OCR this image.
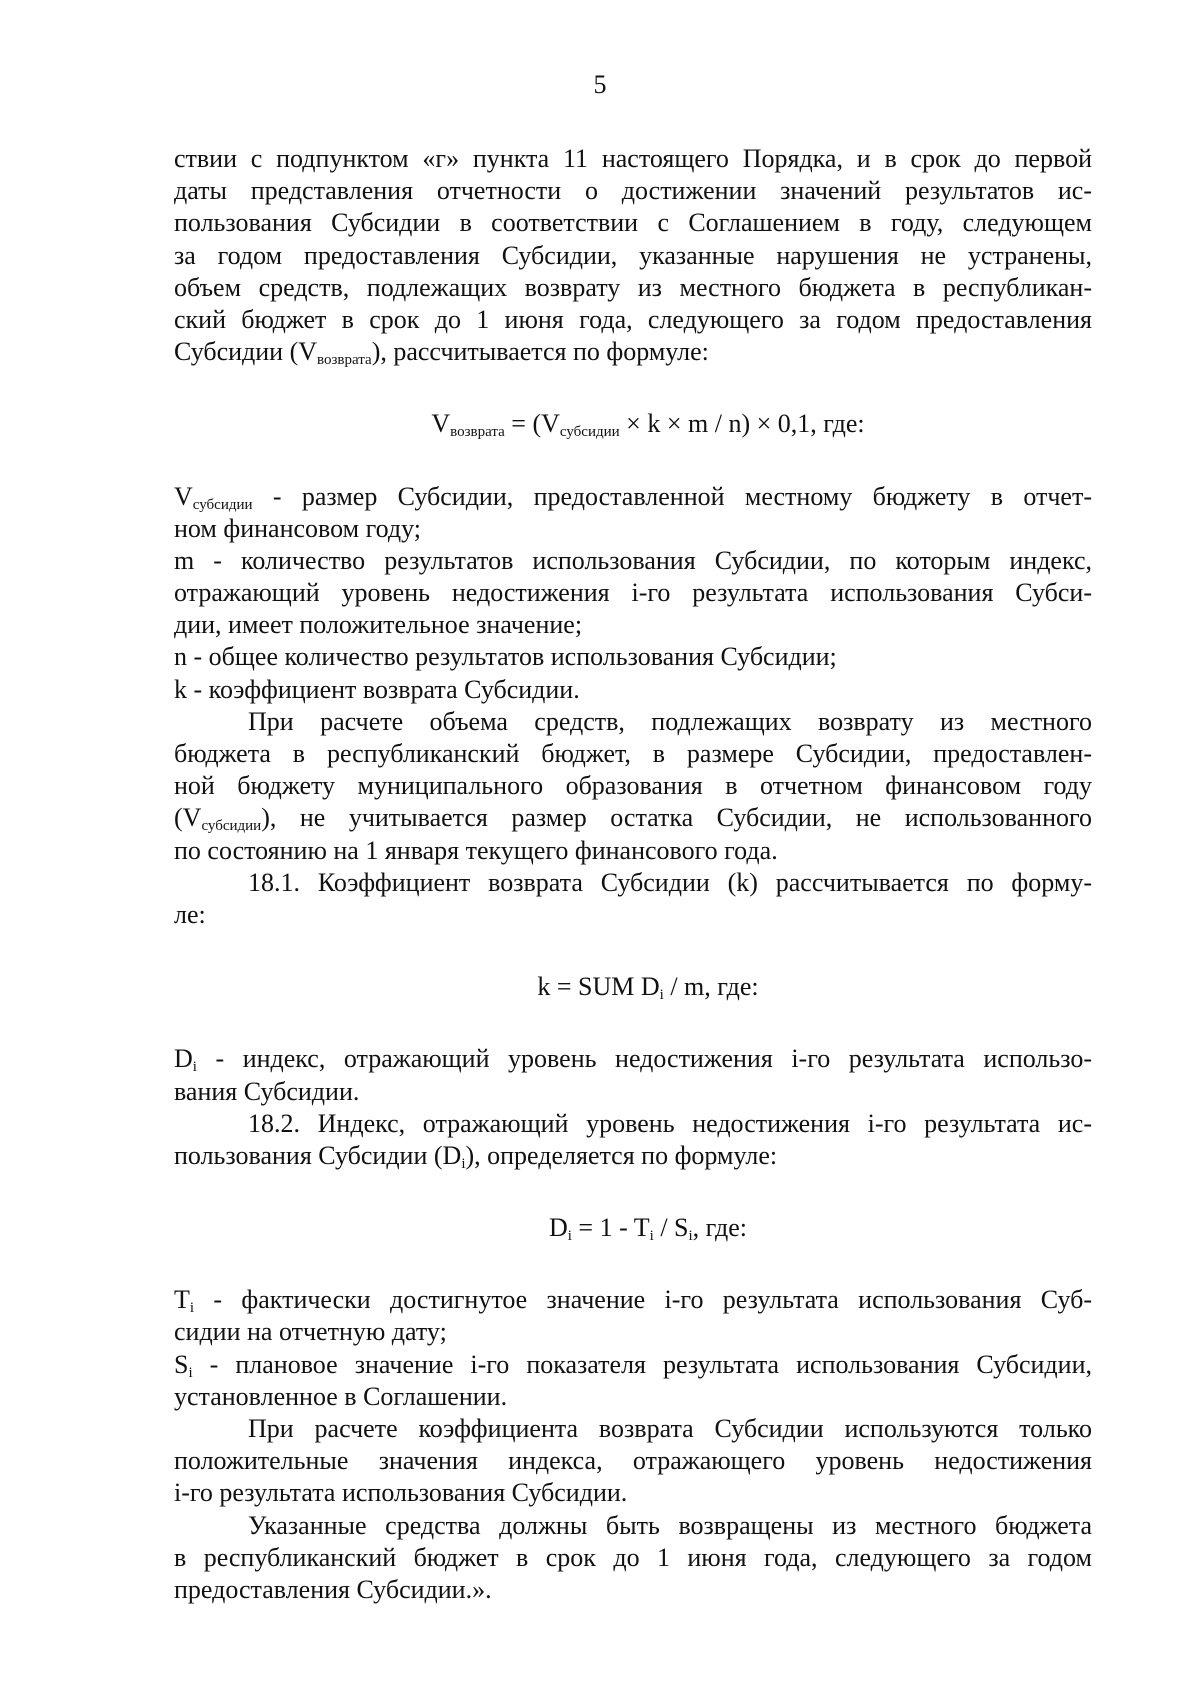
5
ствии с подпунктом «г» пункта 11 настоящего Порядка, и в срок до первой
даты представления отчетности о достижении значений результатов ис-
пользования Субсидии в соответствии с Соглашением в году, следующем
за годом предоставления Субсидии, указанные нарушения не устранены,
объем средств, подлежащих возврату из местного бюджета в республикан-
ский бюджет в срок до 1 июня года, следующего за годом предоставления
Субсидии $(V_{возврата})$, рассчитывается по формуле:
$V_{возврата} = (V_{субсидии} \times k \times m / n) \times 0,1$, где:
$V_{субсидии}$ - размер Субсидии, предоставленной местному бюджету в отчет-
ном финансовом году;
m - количество результатов использования Субсидии, по которым индекс,
отражающий уровень недостижения i-го результата использования Субси-
дии, имеет положительное значение;
n - общее количество результатов использования Субсидии;
k - коэффициент возврата Субсидии.
При расчете объема средств, подлежащих возврату из местного
бюджета в республиканский бюджет, в размере Субсидии, предоставлен-
ной бюджету муниципального образования в отчетном финансовом году
$(V_{субсидии})$, не учитывается размер остатка Субсидии, не использованного
по состоянию на 1 января текущего финансового года.
18.1. Коэффициент возврата Субсидии (k) рассчитывается по форму-
ле:
k = SUM $D_i$ / m, где:
$D_i$ - индекс, отражающий уровень недостижения i-го результата использо-
вания Субсидии.
18.2. Индекс, отражающий уровень недостижения i-го результата ис-
пользования Субсидии $(D_i)$, определяется по формуле:
$D_i = 1 - T_i / S_i$, где:
$T_i$ - фактически достигнутое значение i-го результата использования Суб-
сидии на отчетную дату;
$S_i$ - плановое значение i-го показателя результата использования Субсидии,
установленное в Соглашении.
При расчете коэффициента возврата Субсидии используются только
положительные значения индекса, отражающего уровень недостижения
i-го результата использования Субсидии.
Указанные средства должны быть возвращены из местного бюджета
в республиканский бюджет в срок до 1 июня года, следующего за годом
предоставления Субсидии.».
